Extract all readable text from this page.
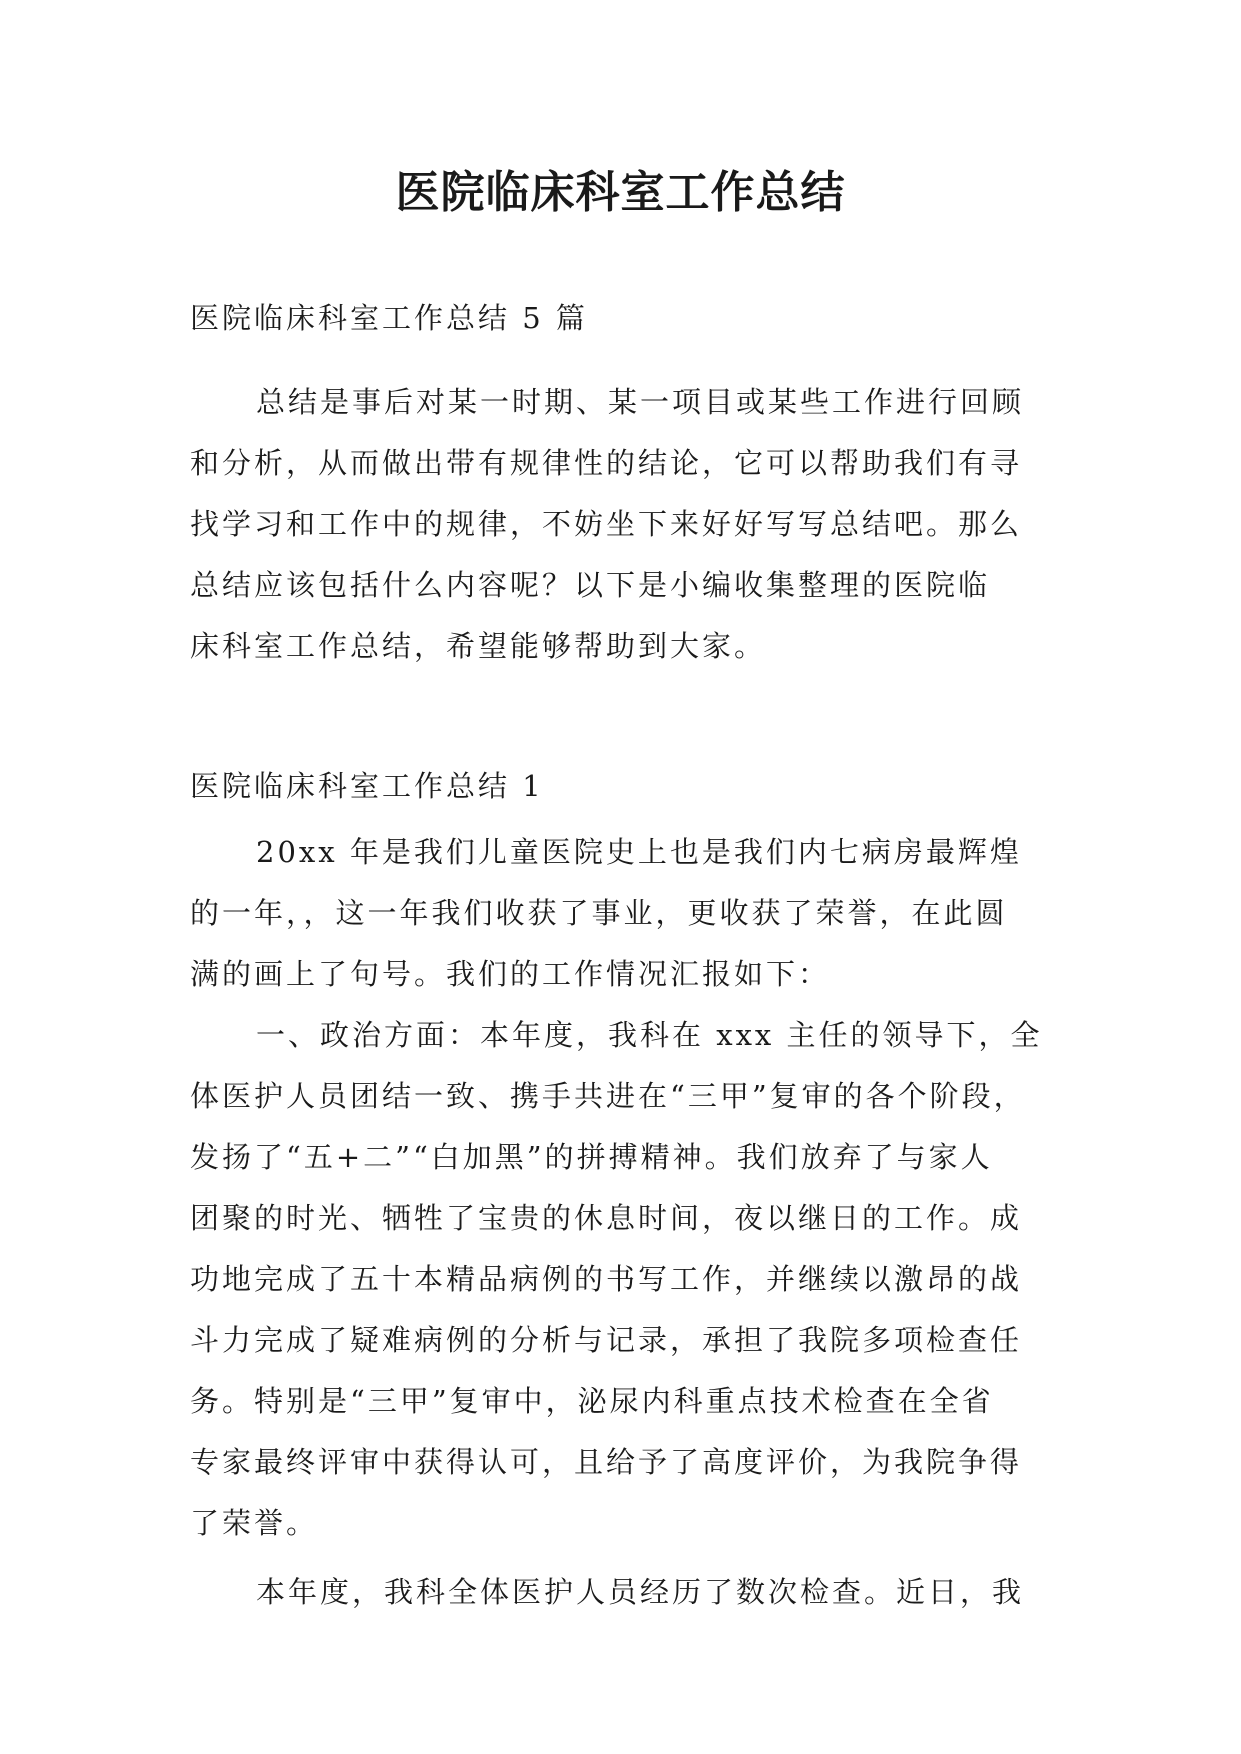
医院临床科室工作总结
医院临床科室工作总结 5 篇
总结是事后对某一时期、某一项目或某些工作进行回顾
和分析，从而做出带有规律性的结论，它可以帮助我们有寻
找学习和工作中的规律，不妨坐下来好好写写总结吧。那么
总结应该包括什么内容呢？以下是小编收集整理的医院临
床科室工作总结，希望能够帮助到大家。
医院临床科室工作总结 1
20xx 年是我们儿童医院史上也是我们内七病房最辉煌
的一年，，这一年我们收获了事业，更收获了荣誉，在此圆
满的画上了句号。我们的工作情况汇报如下：
一、政治方面：本年度，我科在 xxx 主任的领导下，全
体医护人员团结一致、携手共进在“三甲”复审的各个阶段，
发扬了“五+二”“白加黑”的拼搏精神。我们放弃了与家人
团聚的时光、牺牲了宝贵的休息时间，夜以继日的工作。成
功地完成了五十本精品病例的书写工作，并继续以激昂的战
斗力完成了疑难病例的分析与记录，承担了我院多项检查任
务。特别是“三甲”复审中，泌尿内科重点技术检查在全省
专家最终评审中获得认可，且给予了高度评价，为我院争得
了荣誉。
本年度，我科全体医护人员经历了数次检查。近日，我
